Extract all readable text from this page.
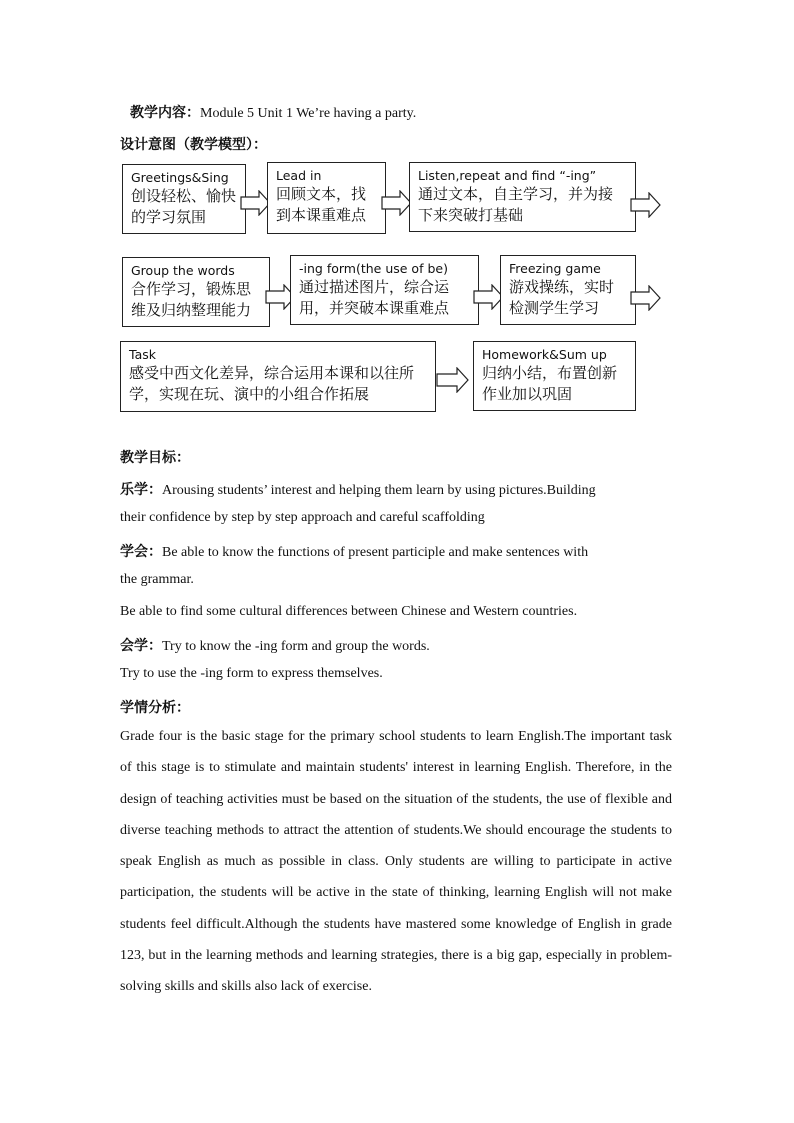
教学内容：Module 5 Unit 1 We’re having a party.
设计意图（教学模型）：
Greetings&Sing
创设轻松、愉快的学习氛围
Lead in
回顾文本，找到本课重难点
Listen,repeat and find “-ing”
通过文本，自主学习，并为接下来突破打基础
Group the words
合作学习，锻炼思维及归纳整理能力
-ing form(the use of be)
通过描述图片，综合运用，并突破本课重难点
Freezing game
游戏操练，实时检测学生学习
Task
感受中西文化差异，综合运用本课和以往所学，实现在玩、演中的小组合作拓展
Homework&Sum up
归纳小结，布置创新作业加以巩固
教学目标：
乐学：Arousing students’ interest and helping them learn by using pictures.Building
their confidence by step by step approach and careful scaffolding
学会：Be able to know the functions of present participle and make sentences with
the grammar.
Be able to find some cultural differences between Chinese and Western countries.
会学：Try to know the -ing form and group the words.
Try to use the -ing form to express themselves.
学情分析：
Grade four is the basic stage for the primary school students to learn English.The important task of this stage is to stimulate and maintain students' interest in learning English. Therefore, in the design of teaching activities must be based on the situation of the students, the use of flexible and diverse teaching methods to attract the attention of students.We should encourage the students to speak English as much as possible in class. Only students are willing to participate in active participation, the students will be active in the state of thinking, learning English will not make students feel difficult.Although the students have mastered some knowledge of English in grade 123, but in the learning methods and learning strategies, there is a big gap, especially in problem-solving skills and skills also lack of exercise.
